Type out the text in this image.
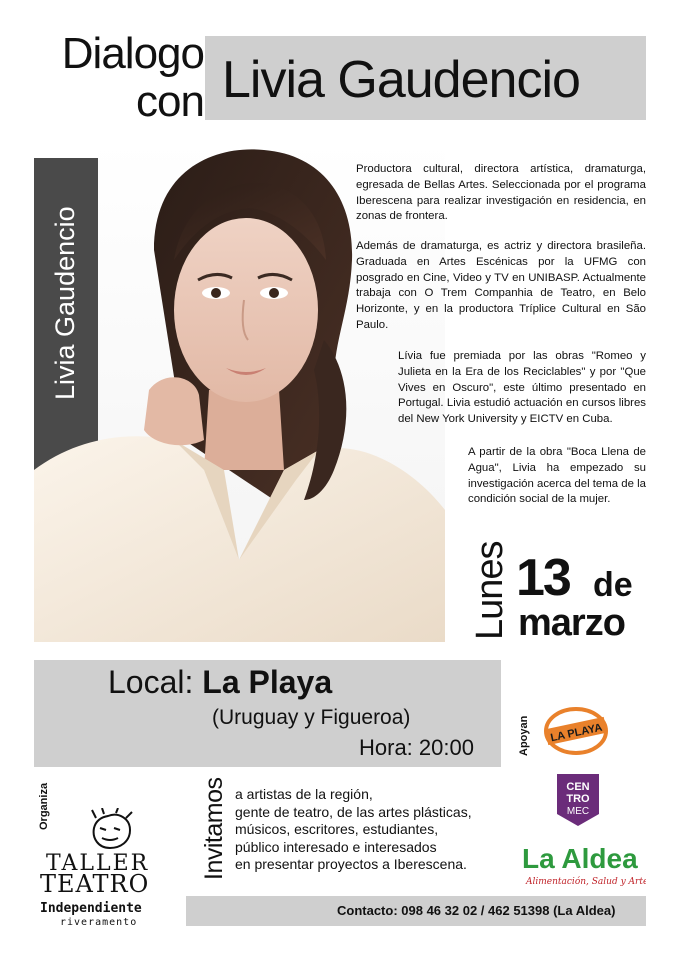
Dialogo
con Livia Gaudencio
Livia Gaudencio
Productora cultural, directora artística, dramaturga, egresada de Bellas Artes. Seleccionada por el programa Iberescena para realizar investigación en residencia, en zonas de frontera.
Además de dramaturga, es actriz y directora brasileña. Graduada en Artes Escénicas por la UFMG con posgrado en Cine, Video y TV en UNIBASP. Actualmente trabaja con O Trem Companhia de Teatro, en Belo Horizonte, y en la productora Tríplice Cultural en São Paulo.
Lívia fue premiada por las obras "Romeo y Julieta en la Era de los Reciclables" y por "Que Vives en Oscuro", este último presentado en Portugal. Livia estudió actuación en cursos libres del New York University y EICTV en Cuba.
A partir de la obra "Boca Llena de Agua", Livia ha empezado su investigación acerca del tema de la condición social de la mujer.
Lunes 13 de
marzo
Local: La Playa
(Uruguay y Figueroa)
Hora: 20:00	Apoyan LA PLAYA
CEN
TRO
MEC
La Aldea
Alimentación, Salud y Arte
Organiza
TALLER
TEATRO
Independiente
riveramento
Invitamos a artistas de la región,
gente de teatro, de las artes plásticas,
músicos, escritores, estudiantes,
público interesado e interesados
en presentar proyectos a Iberescena.
Contacto: 098 46 32 02 / 462 51398 (La Aldea)
